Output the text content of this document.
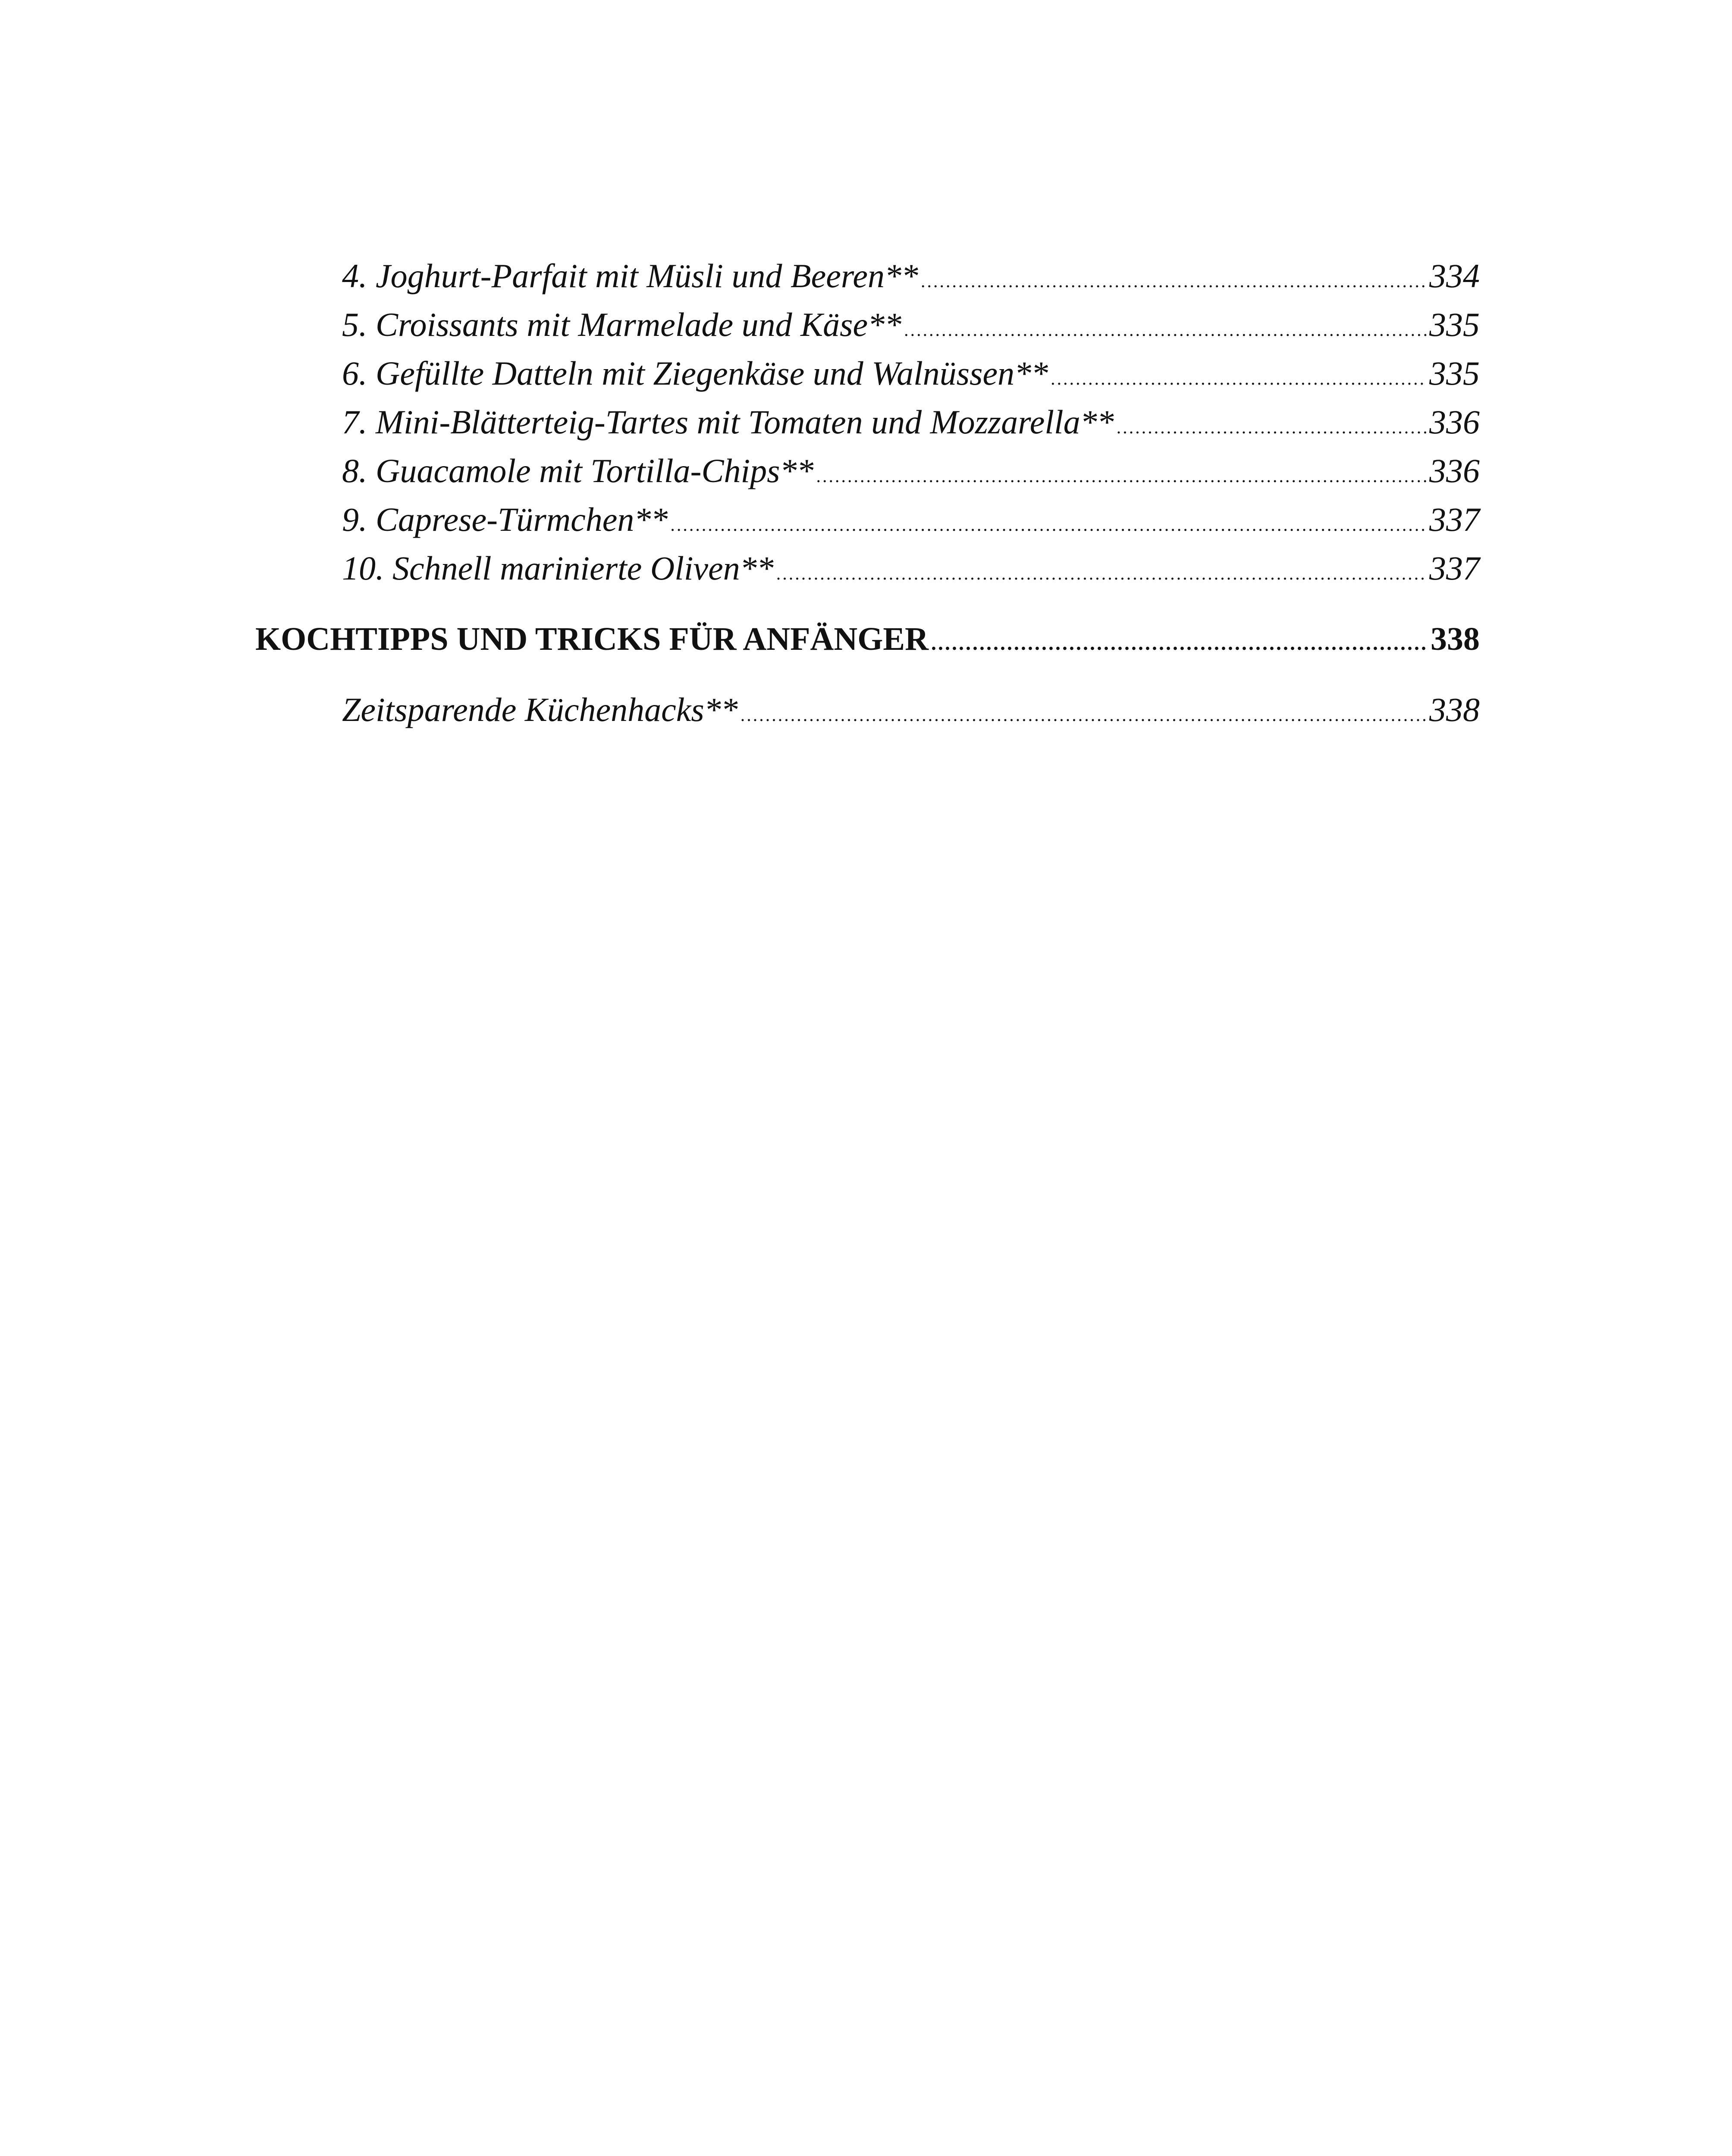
4. Joghurt-Parfait mit Müsli und Beeren** .....	334
5. Croissants mit Marmelade und Käse** .....	335
6. Gefüllte Datteln mit Ziegenkäse und Walnüssen** .....	335
7. Mini-Blätterteig-Tartes mit Tomaten und Mozzarella** .....	336
8. Guacamole mit Tortilla-Chips** .....	336
9. Caprese-Türmchen** .....	337
10. Schnell marinierte Oliven** .....	337
KOCHTIPPS UND TRICKS FÜR ANFÄNGER .....	338
Zeitsparende Küchenhacks** .....	338
